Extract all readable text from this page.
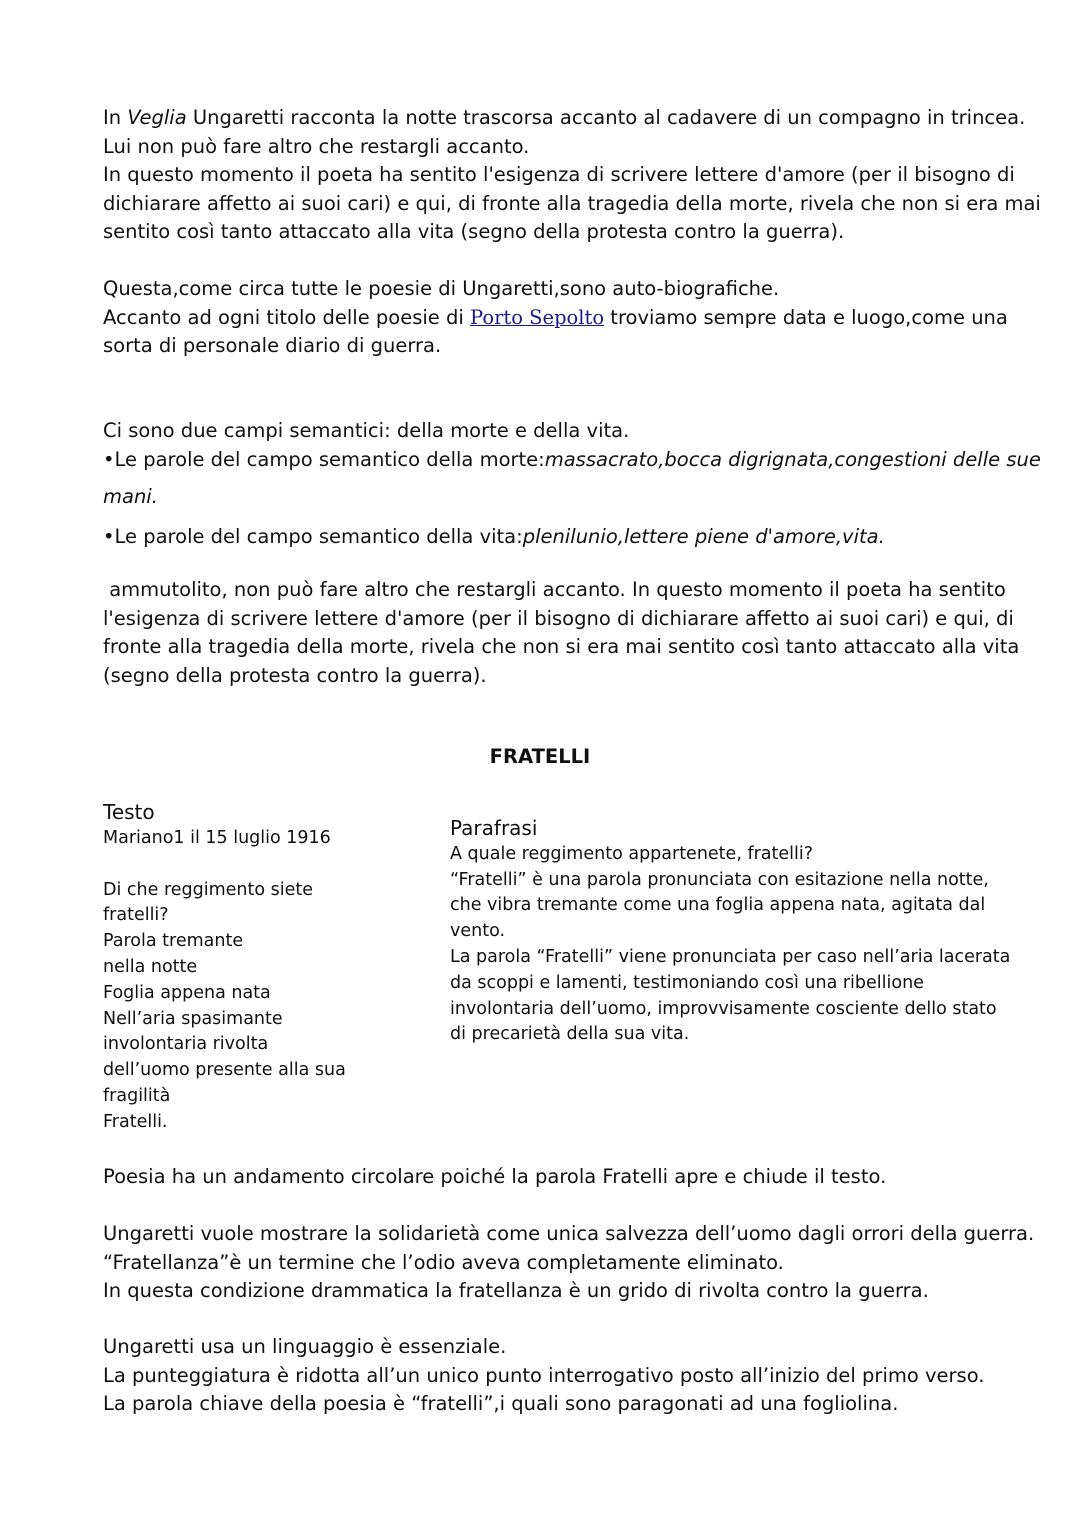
In Veglia Ungaretti racconta la notte trascorsa accanto al cadavere di un compagno in trincea.
Lui non può fare altro che restargli accanto.
In questo momento il poeta ha sentito l'esigenza di scrivere lettere d'amore (per il bisogno di
dichiarare affetto ai suoi cari) e qui, di fronte alla tragedia della morte, rivela che non si era mai
sentito così tanto attaccato alla vita (segno della protesta contro la guerra).

Questa,come circa tutte le poesie di Ungaretti,sono auto-biografiche.
Accanto ad ogni titolo delle poesie di Porto Sepolto troviamo sempre data e luogo,come una
sorta di personale diario di guerra.

Ci sono due campi semantici: della morte e della vita.
•Le parole del campo semantico della morte:massacrato,bocca digrignata,congestioni delle sue

mani.

•Le parole del campo semantico della vita:plenilunio,lettere piene d'amore,vita.

ammutolito, non può fare altro che restargli accanto. In questo momento il poeta ha sentito
l'esigenza di scrivere lettere d'amore (per il bisogno di dichiarare affetto ai suoi cari) e qui, di
fronte alla tragedia della morte, rivela che non si era mai sentito così tanto attaccato alla vita
(segno della protesta contro la guerra).

FRATELLI
Testo
Mariano1 il 15 luglio 1916
Di che reggimento siete
fratelli?
Parola tremante
nella notte
Foglia appena nata
Nell’aria spasimante
involontaria rivolta
dell’uomo presente alla sua
fragilità
Fratelli.
Parafrasi
A quale reggimento appartenete, fratelli?
“Fratelli” è una parola pronunciata con esitazione nella notte,
che vibra tremante come una foglia appena nata, agitata dal
vento.
La parola “Fratelli” viene pronunciata per caso nell’aria lacerata
da scoppi e lamenti, testimoniando così una ribellione
involontaria dell’uomo, improvvisamente cosciente dello stato
di precarietà della sua vita.

Poesia ha un andamento circolare poiché la parola Fratelli apre e chiude il testo.

Ungaretti vuole mostrare la solidarietà come unica salvezza dell’uomo dagli orrori della guerra.
“Fratellanza”è un termine che l’odio aveva completamente eliminato.
In questa condizione drammatica la fratellanza è un grido di rivolta contro la guerra.

Ungaretti usa un linguaggio è essenziale.
La punteggiatura è ridotta all’un unico punto interrogativo posto all’inizio del primo verso.
La parola chiave della poesia è “fratelli”,i quali sono paragonati ad una fogliolina.
